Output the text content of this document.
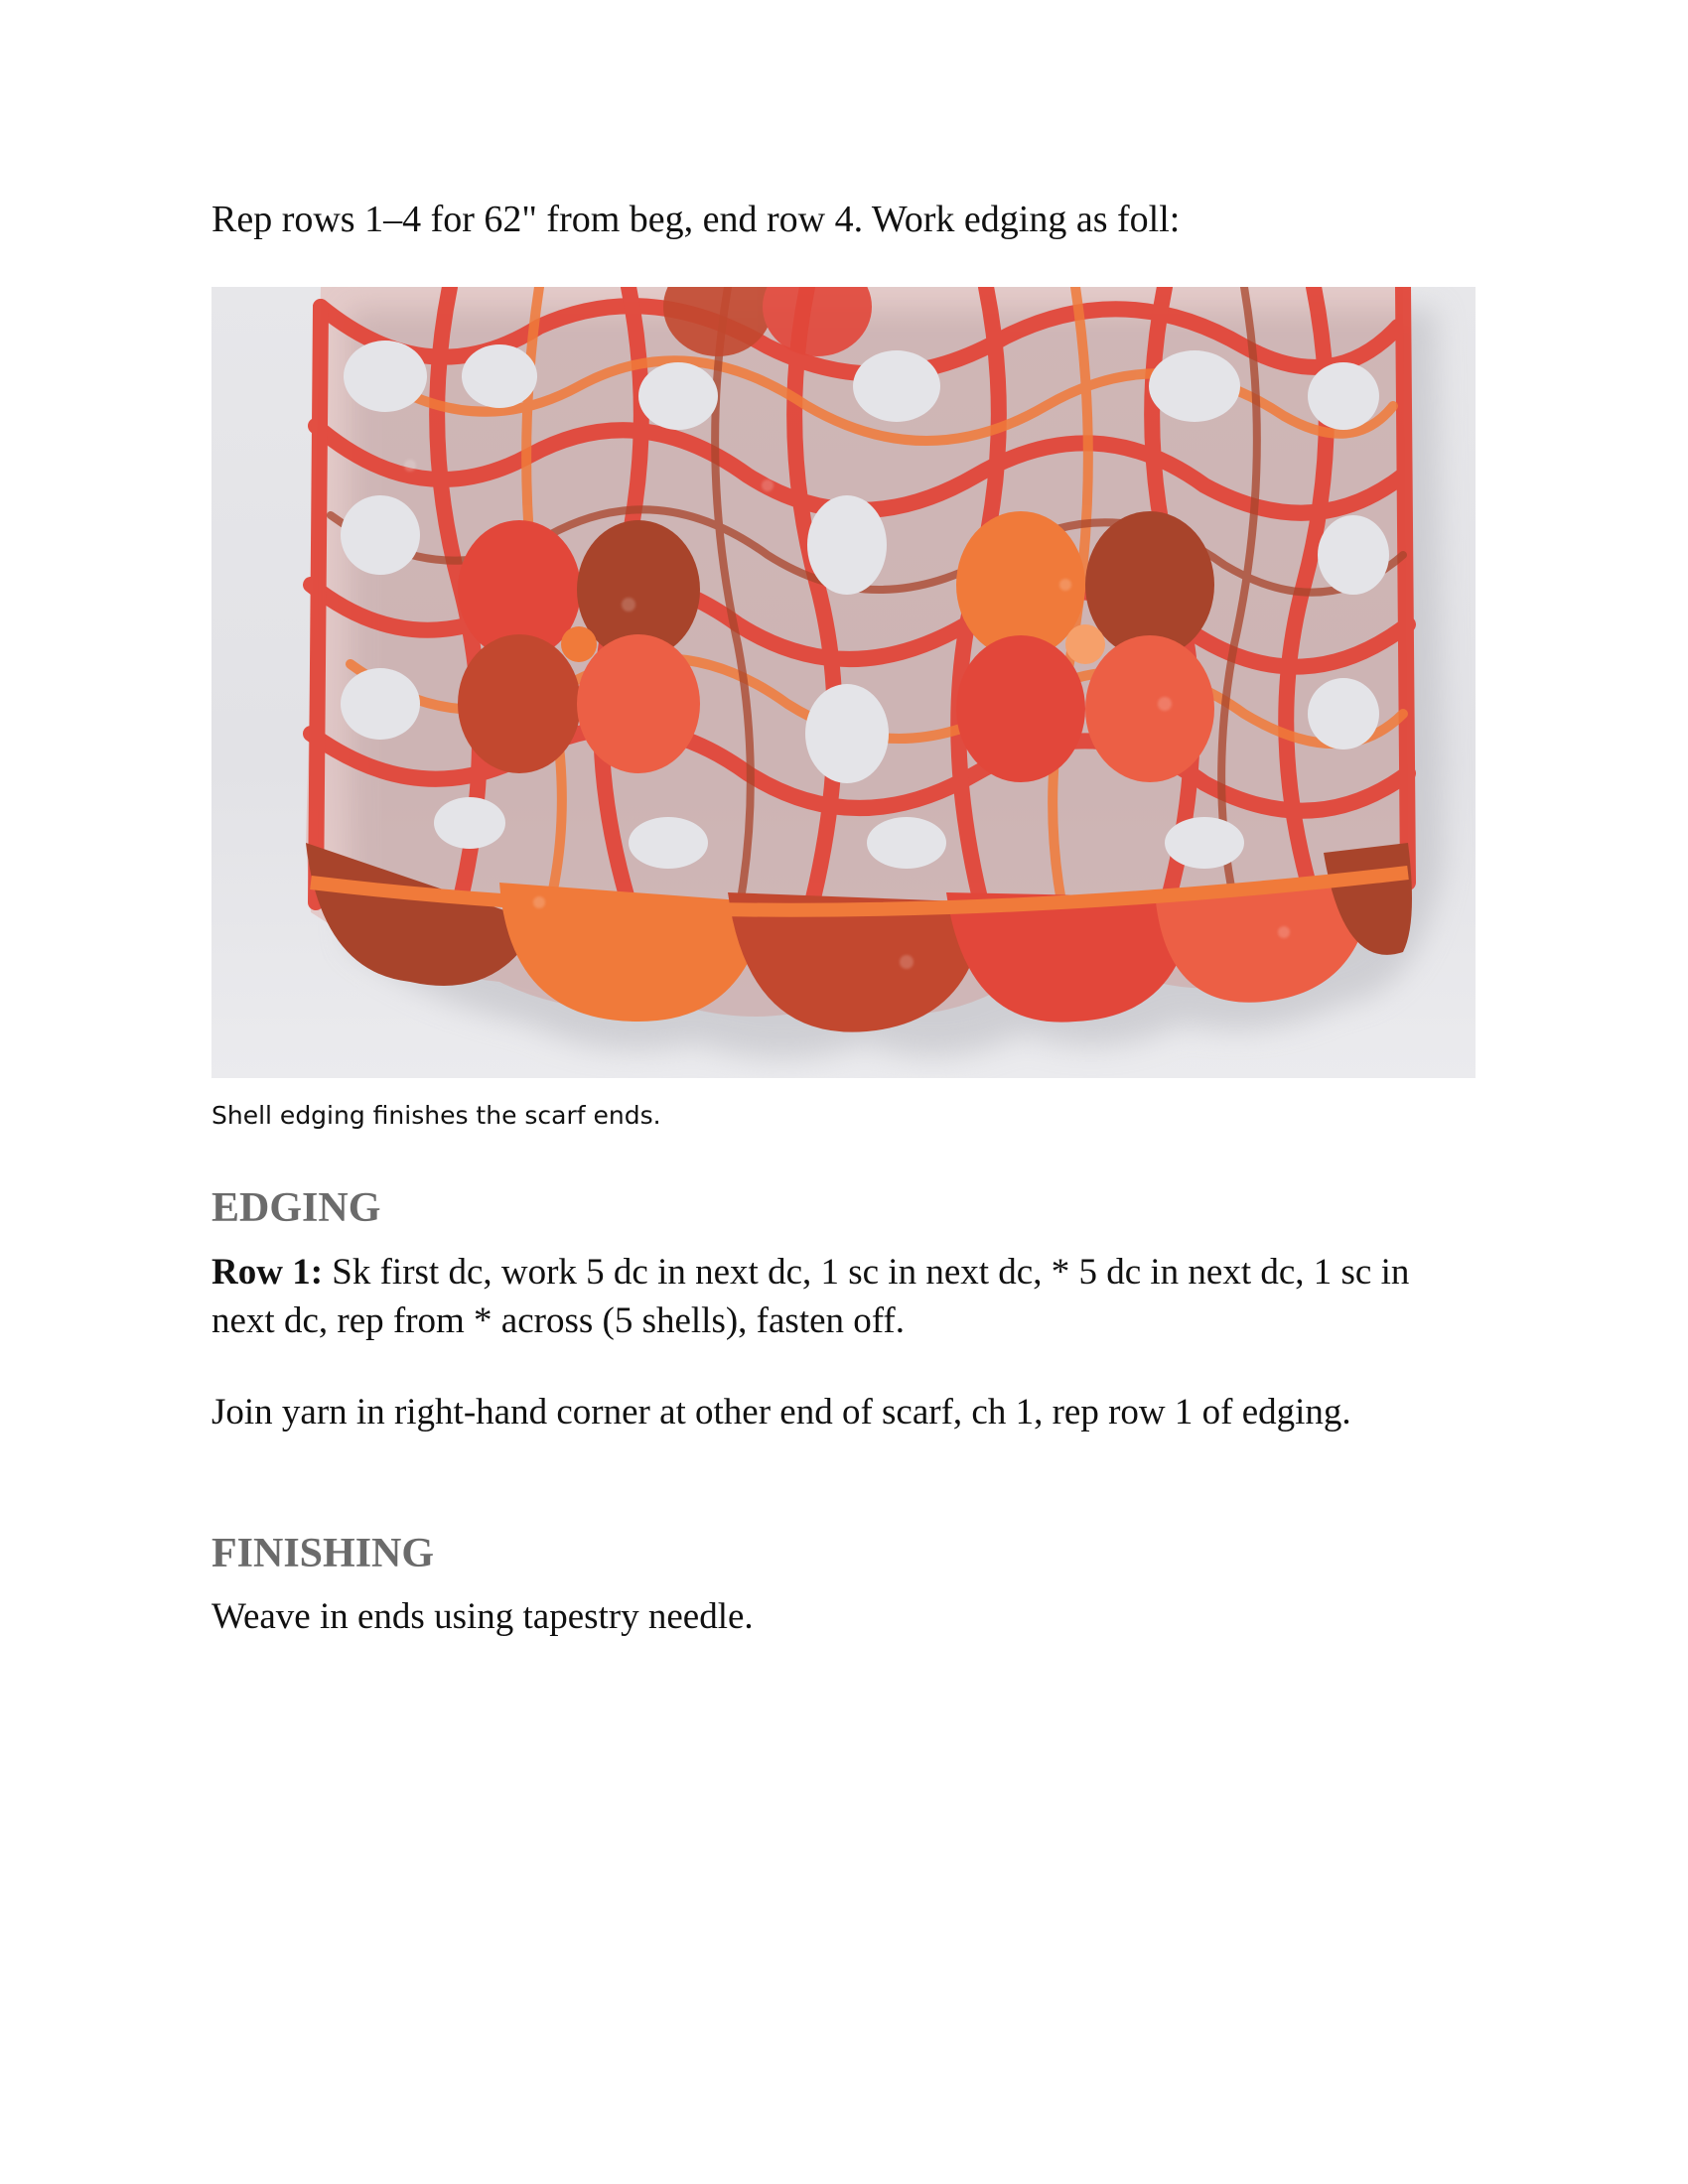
Rep rows 1–4 for 62" from beg, end row 4. Work edging as foll:

Shell edging finishes the scarf ends.

EDGING

Row 1: Sk first dc, work 5 dc in next dc, 1 sc in next dc, * 5 dc in next dc, 1 sc in next dc, rep from * across (5 shells), fasten off.

Join yarn in right-hand corner at other end of scarf, ch 1, rep row 1 of edging.

FINISHING

Weave in ends using tapestry needle.
